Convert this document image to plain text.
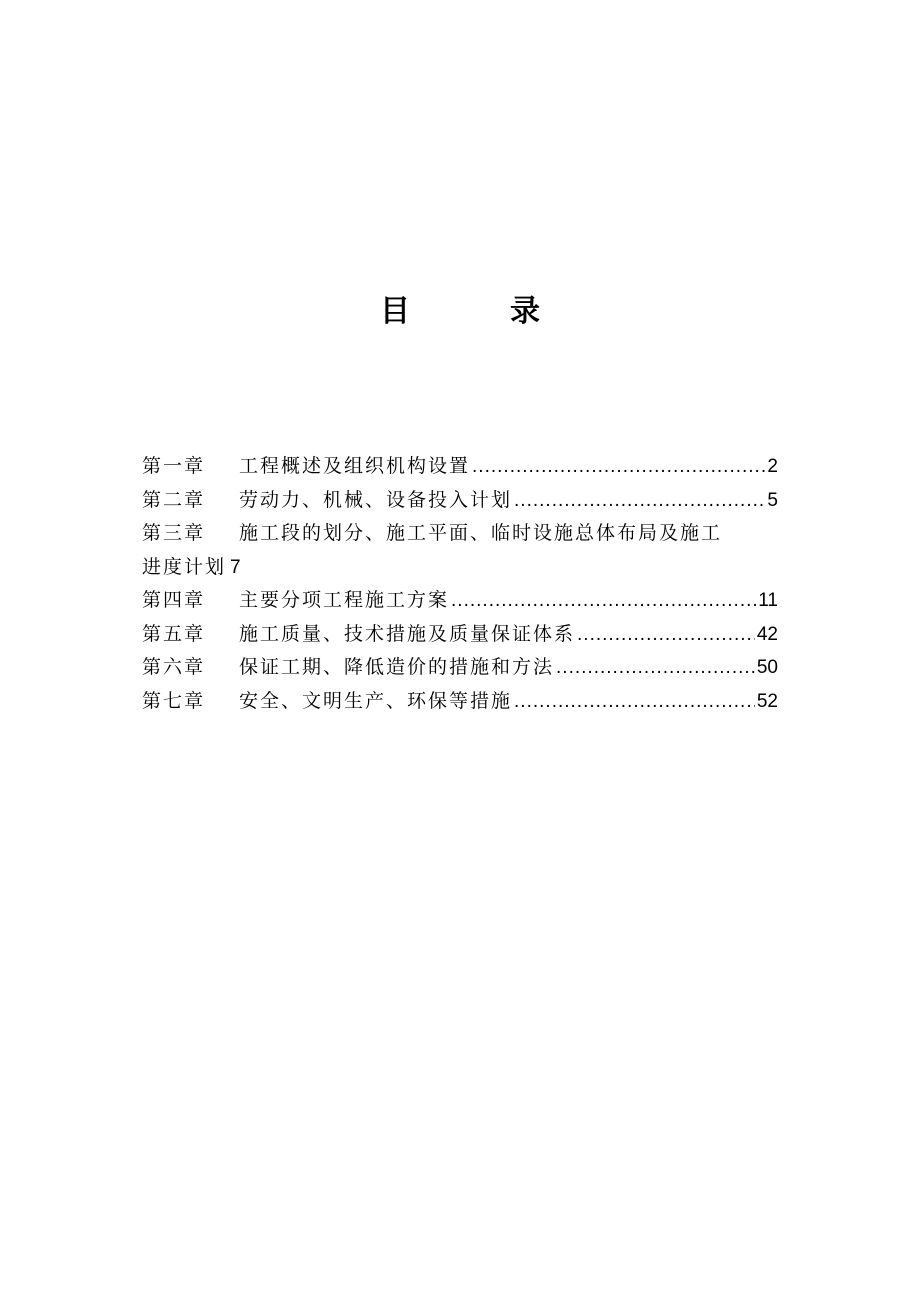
目	录
第一章	工程概述及组织机构设置 .....	2
第二章	劳动力、机械、设备投入计划 .....	5
第三章	施工段的划分、施工平面、临时设施总体布局及施工
进度计划 7
第四章	主要分项工程施工方案 .....	11
第五章	施工质量、技术措施及质量保证体系 .....	42
第六章	保证工期、降低造价的措施和方法 .....	50
第七章	安全、文明生产、环保等措施 .....	52
